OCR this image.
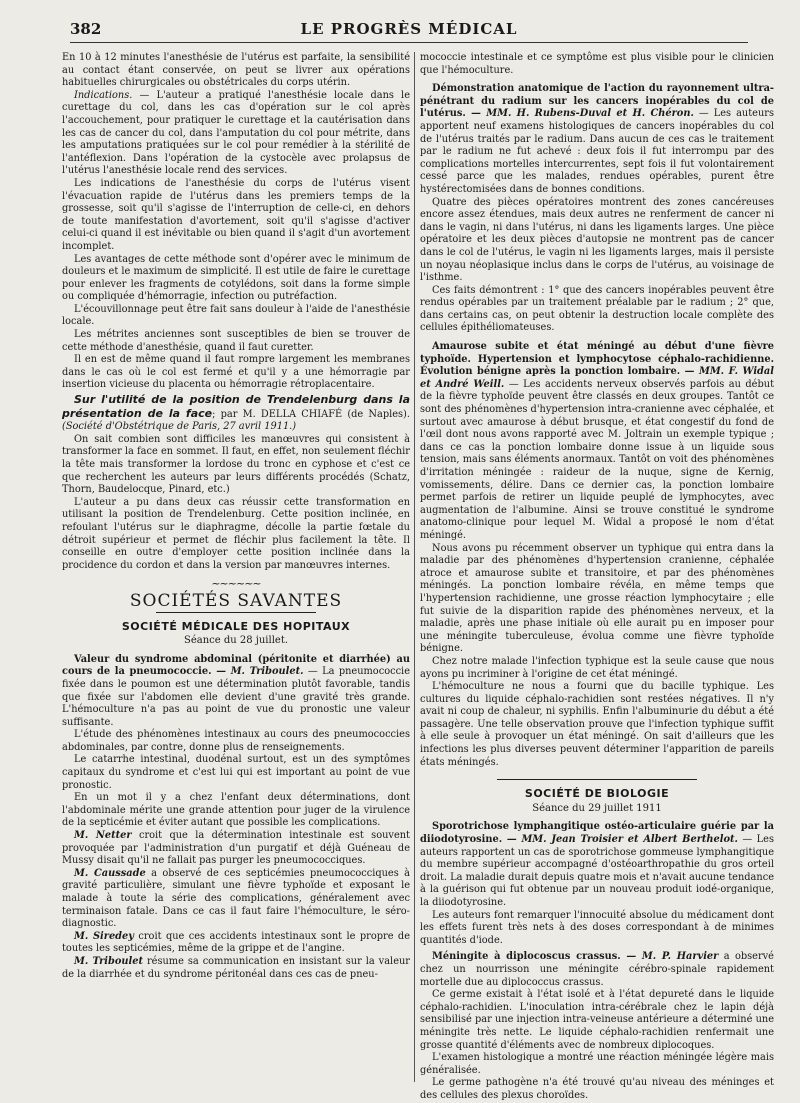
382	LE PROGRÈS MÉDICAL

En 10 à 12 minutes l'anesthésie de l'utérus est parfaite, la sensibilité au contact étant conservée, on peut se livrer aux opérations habituelles chirurgicales ou obstétricales du corps utérin.

Indications. — L'auteur a pratiqué l'anesthésie locale dans le curettage du col, dans les cas d'opération sur le col après l'accouchement, pour pratiquer le curettage et la cautérisation dans les cas de cancer du col, dans l'amputation du col pour métrite, dans les amputations pratiquées sur le col pour remédier à la stérilité de l'antéflexion. Dans l'opération de la cystocèle avec prolapsus de l'utérus l'anesthésie locale rend des services.

Les indications de l'anesthésie du corps de l'utérus visent l'évacuation rapide de l'utérus dans les premiers temps de la grossesse, soit qu'il s'agisse de l'interruption de celle-ci, en dehors de toute manifestation d'avortement, soit qu'il s'agisse d'activer celui-ci quand il est inévitable ou bien quand il s'agit d'un avortement incomplet.

Les avantages de cette méthode sont d'opérer avec le minimum de douleurs et le maximum de simplicité. Il est utile de faire le curettage pour enlever les fragments de cotylédons, soit dans la forme simple ou compliquée d'hémorragie, infection ou putréfaction.

L'écouvillonnage peut être fait sans douleur à l'aide de l'anesthésie locale.

Les métrites anciennes sont susceptibles de bien se trouver de cette méthode d'anesthésie, quand il faut curetter.

Il en est de même quand il faut rompre largement les membranes dans le cas où le col est fermé et qu'il y a une hémorragie par insertion vicieuse du placenta ou hémorragie rétroplacentaire.

Sur l'utilité de la position de Trendelenburg dans la présentation de la face; par M. DELLA CHIAFÉ (de Naples). (Société d'Obstétrique de Paris, 27 avril 1911.)

On sait combien sont difficiles les manœuvres qui consistent à transformer la face en sommet. Il faut, en effet, non seulement fléchir la tête mais transformer la lordose du tronc en cyphose et c'est ce que recherchent les auteurs par leurs différents procédés (Schatz, Thorn, Baudelocque, Pinard, etc.)

L'auteur a pu dans deux cas réussir cette transformation en utilisant la position de Trendelenburg. Cette position inclinée, en refoulant l'utérus sur le diaphragme, décolle la partie fœtale du détroit supérieur et permet de fléchir plus facilement la tête. Il conseille en outre d'employer cette position inclinée dans la procidence du cordon et dans la version par manœuvres internes.

~~~~~~
SOCIÉTÉS SAVANTES
SOCIÉTÉ MÉDICALE DES HOPITAUX
Séance du 28 juillet.

Valeur du syndrome abdominal (péritonite et diarrhée) au cours de la pneumococcie. — M. Triboulet. — La pneumococcie fixée dans le poumon est une détermination plutôt favorable, tandis que fixée sur l'abdomen elle devient d'une gravité très grande. L'hémoculture n'a pas au point de vue du pronostic une valeur suffisante.

L'étude des phénomènes intestinaux au cours des pneumococcies abdominales, par contre, donne plus de renseignements.

Le catarrhe intestinal, duodénal surtout, est un des symptômes capitaux du syndrome et c'est lui qui est important au point de vue pronostic.

En un mot il y a chez l'enfant deux déterminations, dont l'abdominale mérite une grande attention pour juger de la virulence de la septicémie et éviter autant que possible les complications.

M. Netter croit que la détermination intestinale est souvent provoquée par l'administration d'un purgatif et déjà Guéneau de Mussy disait qu'il ne fallait pas purger les pneumococciques.

M. Caussade a observé de ces septicémies pneumococciques à gravité particulière, simulant une fièvre typhoïde et exposant le malade à toute la série des complications, généralement avec terminaison fatale. Dans ce cas il faut faire l'hémoculture, le séro-diagnostic.

M. Siredey croit que ces accidents intestinaux sont le propre de toutes les septicémies, même de la grippe et de l'angine.

M. Triboulet résume sa communication en insistant sur la valeur de la diarrhée et du syndrome péritonéal dans ces cas de pneu-

mococcie intestinale et ce symptôme est plus visible pour le clinicien que l'hémoculture.

Démonstration anatomique de l'action du rayonnement ultra-pénétrant du radium sur les cancers inopérables du col de l'utérus. — MM. H. Rubens-Duval et H. Chéron. — Les auteurs apportent neuf examens histologiques de cancers inopérables du col de l'utérus traités par le radium. Dans aucun de ces cas le traitement par le radium ne fut achevé : deux fois il fut interrompu par des complications mortelles intercurrentes, sept fois il fut volontairement cessé parce que les malades, rendues opérables, purent être hystérectomisées dans de bonnes conditions.

Quatre des pièces opératoires montrent des zones cancéreuses encore assez étendues, mais deux autres ne renferment de cancer ni dans le vagin, ni dans l'utérus, ni dans les ligaments larges. Une pièce opératoire et les deux pièces d'autopsie ne montrent pas de cancer dans le col de l'utérus, le vagin ni les ligaments larges, mais il persiste un noyau néoplasique inclus dans le corps de l'utérus, au voisinage de l'isthme.

Ces faits démontrent : 1° que des cancers inopérables peuvent être rendus opérables par un traitement préalable par le radium ; 2° que, dans certains cas, on peut obtenir la destruction locale complète des cellules épithéliomateuses.

Amaurose subite et état méningé au début d'une fièvre typhoïde. Hypertension et lymphocytose céphalo-rachidienne. Évolution bénigne après la ponction lombaire. — MM. F. Widal et André Weill. — Les accidents nerveux observés parfois au début de la fièvre typhoïde peuvent être classés en deux groupes. Tantôt ce sont des phénomènes d'hypertension intra-cranienne avec céphalée, et surtout avec amaurose à début brusque, et état congestif du fond de l'œil dont nous avons rapporté avec M. Joltrain un exemple typique ; dans ce cas la ponction lombaire donne issue à un liquide sous tension, mais sans éléments anormaux. Tantôt on voit des phénomènes d'irritation méningée : raideur de la nuque, signe de Kernig, vomissements, délire. Dans ce dernier cas, la ponction lombaire permet parfois de retirer un liquide peuplé de lymphocytes, avec augmentation de l'albumine. Ainsi se trouve constitué le syndrome anatomo-clinique pour lequel M. Widal a proposé le nom d'état méningé.

Nous avons pu récemment observer un typhique qui entra dans la maladie par des phénomènes d'hypertension cranienne, céphalée atroce et amaurose subite et transitoire, et par des phénomènes méningés. La ponction lombaire révéla, en même temps que l'hypertension rachidienne, une grosse réaction lymphocytaire ; elle fut suivie de la disparition rapide des phénomènes nerveux, et la maladie, après une phase initiale où elle aurait pu en imposer pour une méningite tuberculeuse, évolua comme une fièvre typhoïde bénigne.

Chez notre malade l'infection typhique est la seule cause que nous ayons pu incriminer à l'origine de cet état méningé.

L'hémoculture ne nous a fourni que du bacille typhique. Les cultures du liquide céphalo-rachidien sont restées négatives. Il n'y avait ni coup de chaleur, ni syphilis. Enfin l'albuminurie du début a été passagère. Une telle observation prouve que l'infection typhique suffit à elle seule à provoquer un état méningé. On sait d'ailleurs que les infections les plus diverses peuvent déterminer l'apparition de pareils états méningés.

SOCIÉTÉ DE BIOLOGIE
Séance du 29 juillet 1911

Sporotrichose lymphangitique ostéo-articulaire guérie par la diiodotyrosine. — MM. Jean Troisier et Albert Berthelot. — Les auteurs rapportent un cas de sporotrichose gommeuse lymphangitique du membre supérieur accompagné d'ostéoarthropathie du gros orteil droit. La maladie durait depuis quatre mois et n'avait aucune tendance à la guérison qui fut obtenue par un nouveau produit iodé-organique, la diiodotyrosine.

Les auteurs font remarquer l'innocuité absolue du médicament dont les effets furent très nets à des doses correspondant à de minimes quantités d'iode.

Méningite à diplocoscus crassus. — M. P. Harvier a observé chez un nourrisson une méningite cérébro-spinale rapidement mortelle due au diplococcus crassus.

Ce germe existait à l'état isolé et à l'état depureté dans le liquide céphalo-rachidien. L'inoculation intra-cérébrale chez le lapin déjà sensibilisé par une injection intra-veineuse antérieure a déterminé une méningite très nette. Le liquide céphalo-rachidien renfermait une grosse quantité d'éléments avec de nombreux diplocoques.

L'examen histologique a montré une réaction méningée légère mais généralisée.

Le germe pathogène n'a été trouvé qu'au niveau des méninges et des cellules des plexus choroïdes.
